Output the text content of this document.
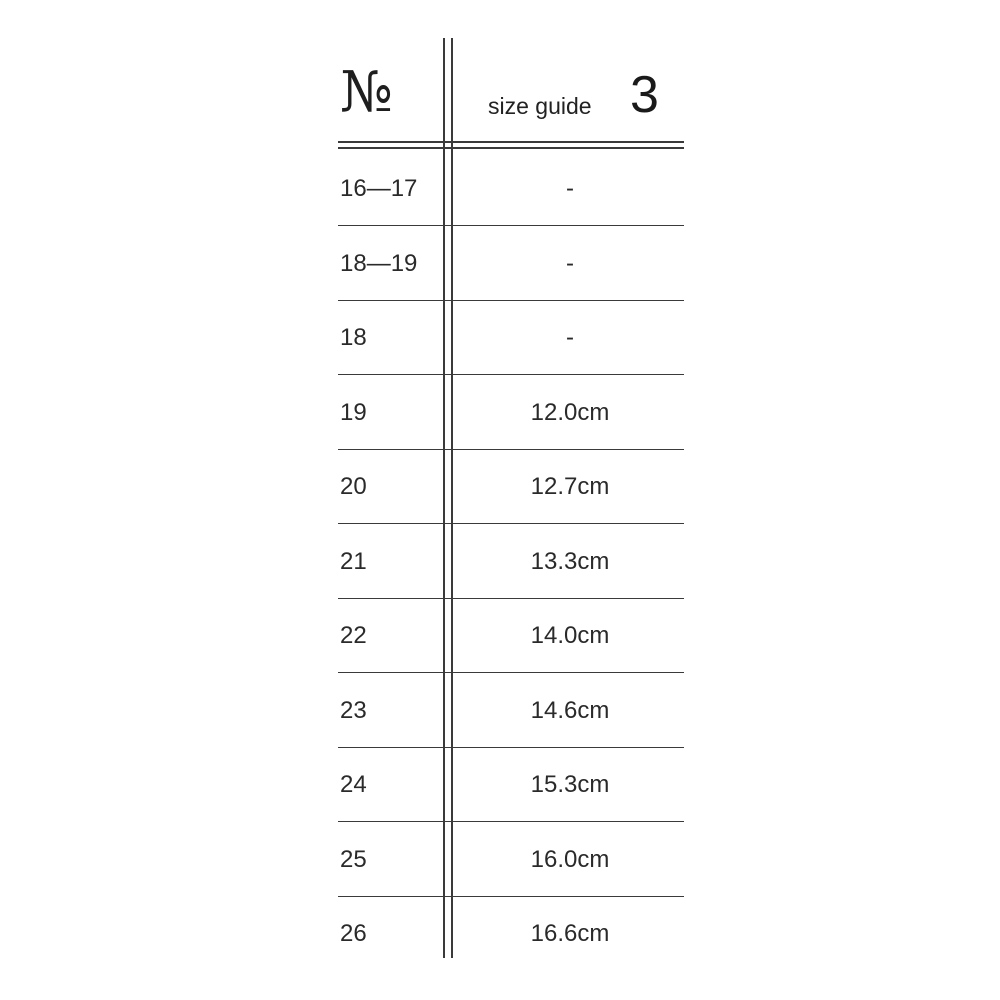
№	size guide 3
16—17	-
18—19	-
18	-
19	12.0cm
20	12.7cm
21	13.3cm
22	14.0cm
23	14.6cm
24	15.3cm
25	16.0cm
26	16.6cm
